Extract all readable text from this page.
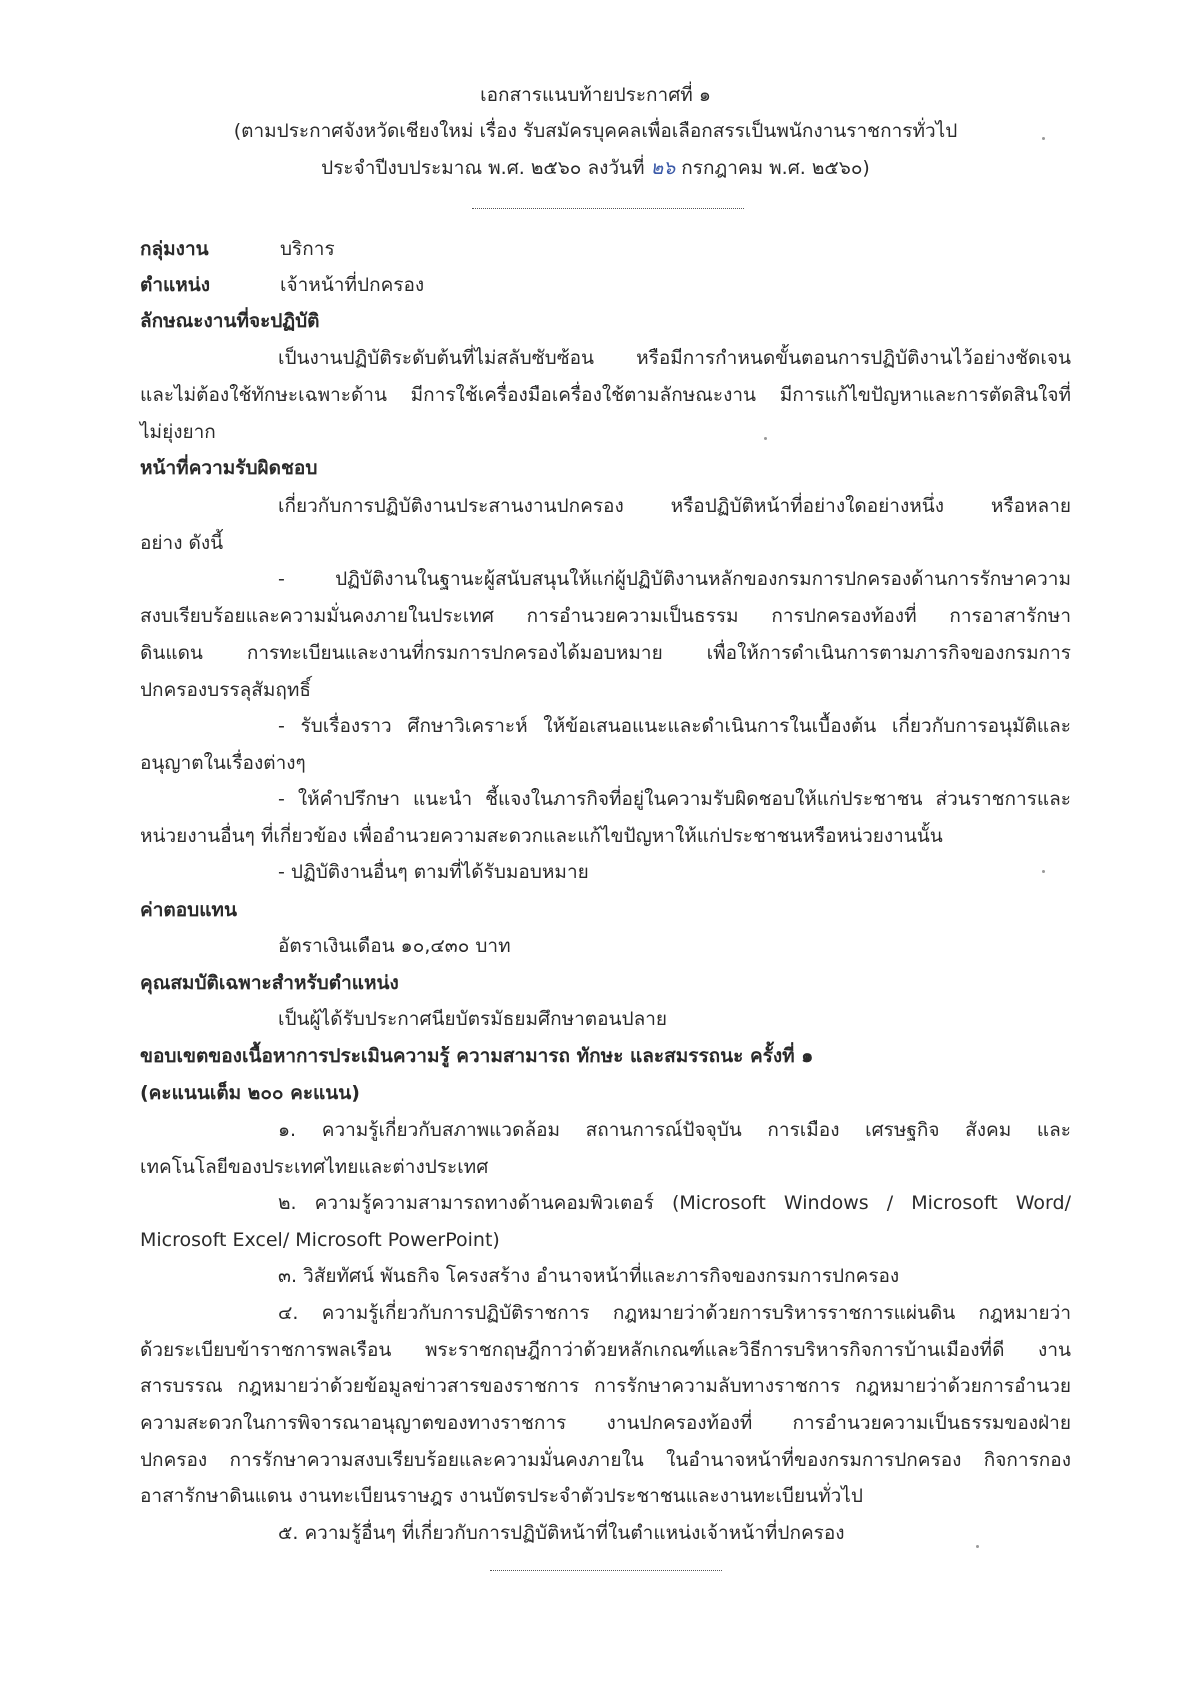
เอกสารแนบท้ายประกาศที่ ๑
(ตามประกาศจังหวัดเชียงใหม่ เรื่อง รับสมัครบุคคลเพื่อเลือกสรรเป็นพนักงานราชการทั่วไป
ประจำปีงบประมาณ พ.ศ. ๒๕๖๐ ลงวันที่ ๒๖ กรกฎาคม พ.ศ. ๒๕๖๐)
กลุ่มงาน	บริการ
ตำแหน่ง	เจ้าหน้าที่ปกครอง
ลักษณะงานที่จะปฏิบัติ
เป็นงานปฏิบัติระดับต้นที่ไม่สลับซับซ้อน หรือมีการกำหนดขั้นตอนการปฏิบัติงานไว้อย่างชัดเจน
และไม่ต้องใช้ทักษะเฉพาะด้าน มีการใช้เครื่องมือเครื่องใช้ตามลักษณะงาน มีการแก้ไขปัญหาและการตัดสินใจที่
ไม่ยุ่งยาก
หน้าที่ความรับผิดชอบ
เกี่ยวกับการปฏิบัติงานประสานงานปกครอง หรือปฏิบัติหน้าที่อย่างใดอย่างหนึ่ง หรือหลาย
อย่าง ดังนี้
- ปฏิบัติงานในฐานะผู้สนับสนุนให้แก่ผู้ปฏิบัติงานหลักของกรมการปกครองด้านการรักษาความ
สงบเรียบร้อยและความมั่นคงภายในประเทศ การอำนวยความเป็นธรรม การปกครองท้องที่ การอาสารักษา
ดินแดน การทะเบียนและงานที่กรมการปกครองได้มอบหมาย เพื่อให้การดำเนินการตามภารกิจของกรมการ
ปกครองบรรลุสัมฤทธิ์
- รับเรื่องราว ศึกษาวิเคราะห์ ให้ข้อเสนอแนะและดำเนินการในเบื้องต้น เกี่ยวกับการอนุมัติและ
อนุญาตในเรื่องต่างๆ
- ให้คำปรึกษา แนะนำ ชี้แจงในภารกิจที่อยู่ในความรับผิดชอบให้แก่ประชาชน ส่วนราชการและ
หน่วยงานอื่นๆ ที่เกี่ยวข้อง เพื่ออำนวยความสะดวกและแก้ไขปัญหาให้แก่ประชาชนหรือหน่วยงานนั้น
- ปฏิบัติงานอื่นๆ ตามที่ได้รับมอบหมาย
ค่าตอบแทน
อัตราเงินเดือน ๑๐,๔๓๐ บาท
คุณสมบัติเฉพาะสำหรับตำแหน่ง
เป็นผู้ได้รับประกาศนียบัตรมัธยมศึกษาตอนปลาย
ขอบเขตของเนื้อหาการประเมินความรู้ ความสามารถ ทักษะ และสมรรถนะ ครั้งที่ ๑
(คะแนนเต็ม ๒๐๐ คะแนน)
๑. ความรู้เกี่ยวกับสภาพแวดล้อม สถานการณ์ปัจจุบัน การเมือง เศรษฐกิจ สังคม และ
เทคโนโลยีของประเทศไทยและต่างประเทศ
๒. ความรู้ความสามารถทางด้านคอมพิวเตอร์ (Microsoft Windows / Microsoft Word/
Microsoft Excel/ Microsoft PowerPoint)
๓. วิสัยทัศน์ พันธกิจ โครงสร้าง อำนาจหน้าที่และภารกิจของกรมการปกครอง
๔. ความรู้เกี่ยวกับการปฏิบัติราชการ กฎหมายว่าด้วยการบริหารราชการแผ่นดิน กฎหมายว่า
ด้วยระเบียบข้าราชการพลเรือน พระราชกฤษฎีกาว่าด้วยหลักเกณฑ์และวิธีการบริหารกิจการบ้านเมืองที่ดี งาน
สารบรรณ กฎหมายว่าด้วยข้อมูลข่าวสารของราชการ การรักษาความลับทางราชการ กฎหมายว่าด้วยการอำนวย
ความสะดวกในการพิจารณาอนุญาตของทางราชการ งานปกครองท้องที่ การอำนวยความเป็นธรรมของฝ่าย
ปกครอง การรักษาความสงบเรียบร้อยและความมั่นคงภายใน ในอำนาจหน้าที่ของกรมการปกครอง กิจการกอง
อาสารักษาดินแดน งานทะเบียนราษฎร งานบัตรประจำตัวประชาชนและงานทะเบียนทั่วไป
๕. ความรู้อื่นๆ ที่เกี่ยวกับการปฏิบัติหน้าที่ในตำแหน่งเจ้าหน้าที่ปกครอง
